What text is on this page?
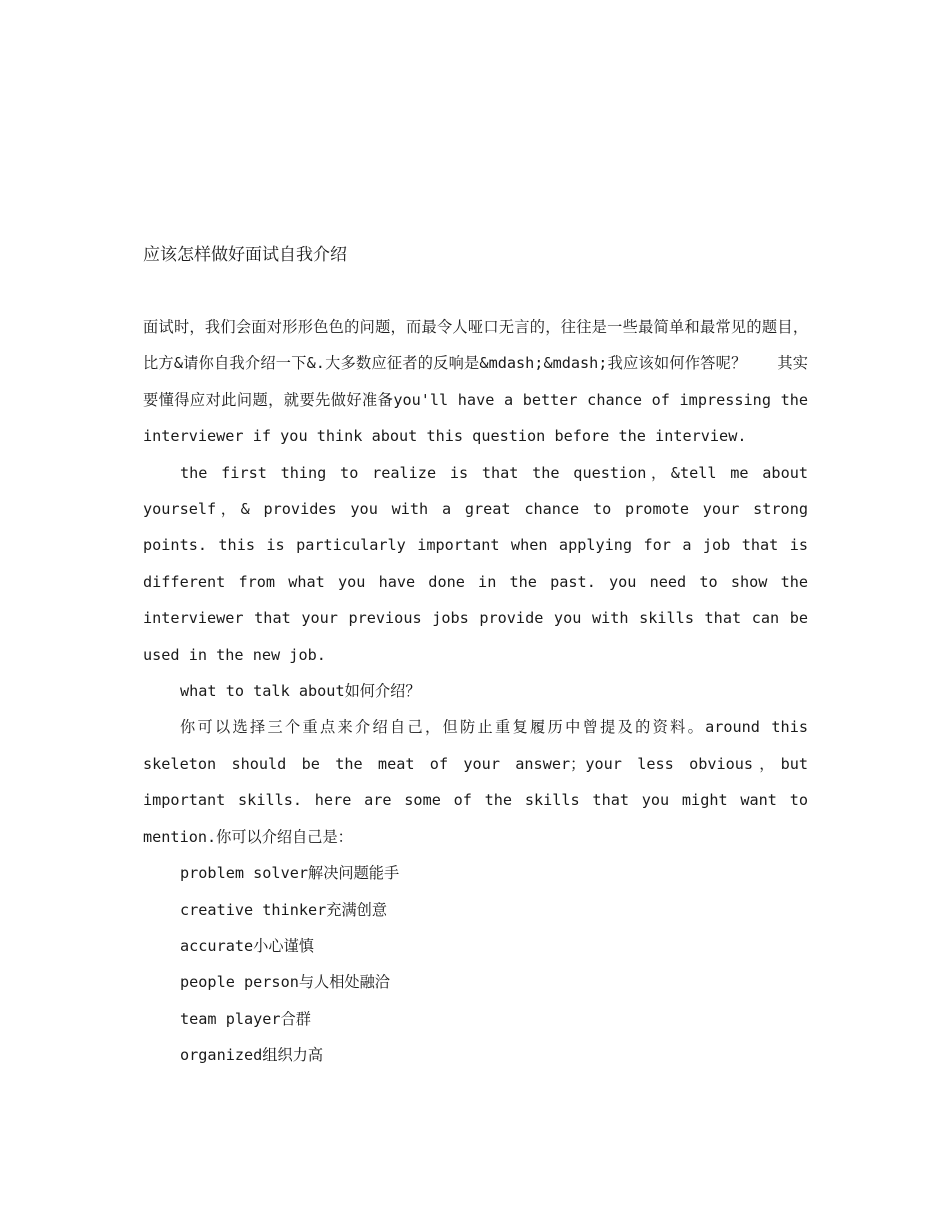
应该怎样做好面试自我介绍

面试时，我们会面对形形色色的问题，而最令人哑口无言的，往往是一些最简单和最常见的题目，比方&请你自我介绍一下&.大多数应征者的反响是&mdash;&mdash;我应该如何作答呢？　　其实要懂得应对此问题，就要先做好准备you'll have a better chance of impressing the interviewer if you think about this question before the interview.

the first thing to realize is that the question，&tell me about yourself，& provides you with a great chance to promote your strong points. this is particularly important when applying for a job that is different from what you have done in the past. you need to show the interviewer that your previous jobs provide you with skills that can be used in the new job.

what to talk about如何介绍？

你可以选择三个重点来介绍自己，但防止重复履历中曾提及的资料。around this skeleton should be the meat of your answer；your less obvious，but important skills. here are some of the skills that you might want to mention.你可以介绍自己是：

problem solver解决问题能手

creative thinker充满创意

accurate小心谨慎

people person与人相处融洽

team player合群

organized组织力高
